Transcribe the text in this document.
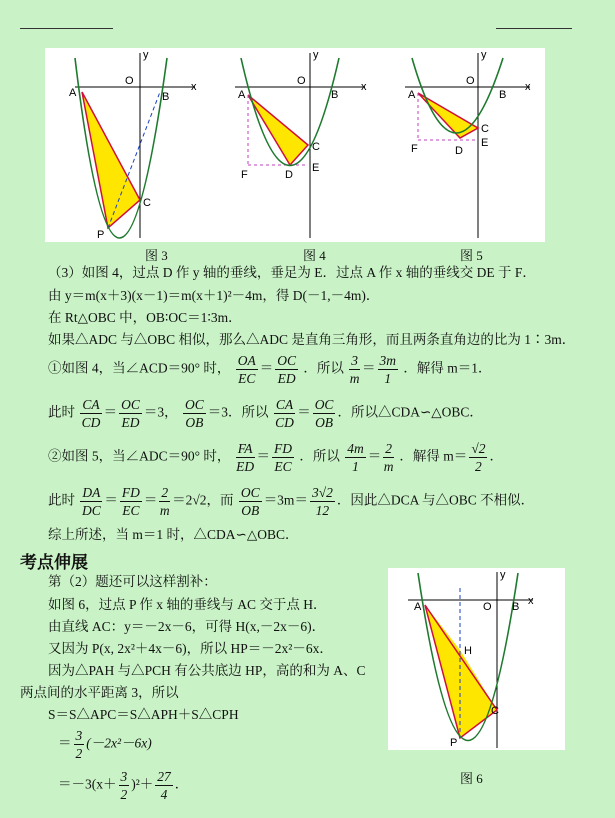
x
y
O
A	B
C
P
x
y
O
A	B
C
D
E
F
x
y
O
A	B
C
D
E
F
图 3	图 4	图 5
（3）如图 4，过点 D 作 y 轴的垂线，垂足为 E．过点 A 作 x 轴的垂线交 DE 于 F．
由 y＝m(x＋3)(x－1)＝m(x＋1)²－4m，得 D(－1,－4m)．
在 Rt△OBC 中，OB∶OC＝1∶3m．
如果△ADC 与△OBC 相似，那么△ADC 是直角三角形，而且两条直角边的比为 1∶3m．
①如图 4，当∠ACD＝90° 时， $\frac{OA}{EC} = \frac{OC}{ED}$ ．所以 $\frac{3}{m} = \frac{3m}{1}$ ．解得 m＝1．
此时 $\frac{CA}{CD} = \frac{OC}{ED} =3$， $\frac{OC}{OB} =3$．所以 $\frac{CA}{CD} = \frac{OC}{OB}$ ．所以△CDA∽△OBC．
②如图 5，当∠ADC＝90° 时， $\frac{FA}{ED} = \frac{FD}{EC}$ ．所以 $\frac{4m}{1} = \frac{2}{m}$ ．解得 $m= \frac{√2}{2}$ ．
此时 $\frac{DA}{DC} = \frac{FD}{EC} = \frac{2}{m} =2√2$，而 $\frac{OC}{OB} =3m= \frac{3√2}{12}$ ．因此△DCA 与△OBC 不相似．
综上所述，当 m＝1 时，△CDA∽△OBC．
考点伸展
第（2）题还可以这样割补：
如图 6，过点 P 作 x 轴的垂线与 AC 交于点 H．
由直线 AC：y＝－2x－6，可得 H(x,－2x－6)．
又因为 P(x, 2x²＋4x－6)，所以 HP＝－2x²－6x．
因为△PAH 与△PCH 有公共底边 HP，高的和为 A、C
两点间的水平距离 3，所以
S＝S△APC＝S△APH＋S△CPH
＝ $\frac{3}{2} (-2x^2-6x)$
$=-3(x+ \frac{3}{2} )^2+ \frac{27}{4}$ ．
x
y
O
A	B
H
C
P
图 6
